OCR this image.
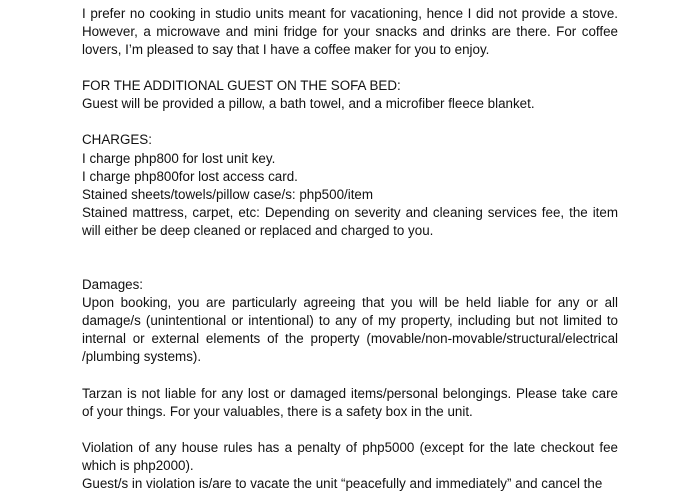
I prefer no cooking in studio units meant for vacationing, hence I did not provide a stove. However, a microwave and mini fridge for your snacks and drinks are there. For coffee lovers, I’m pleased to say that I have a coffee maker for you to enjoy.

FOR THE ADDITIONAL GUEST ON THE SOFA BED:

Guest will be provided a pillow, a bath towel, and a microfiber fleece blanket.

CHARGES:

I charge php800 for lost unit key.

I charge php800for lost access card.

Stained sheets/towels/pillow case/s: php500/item

Stained mattress, carpet, etc: Depending on severity and cleaning services fee, the item will either be deep cleaned or replaced and charged to you.

Damages:

Upon booking, you are particularly agreeing that you will be held liable for any or all damage/s (unintentional or intentional) to any of my property, including but not limited to internal or external elements of the property (movable/non-movable/structural/electrical /plumbing systems).

Tarzan is not liable for any lost or damaged items/personal belongings. Please take care of your things. For your valuables, there is a safety box in the unit.

Violation of any house rules has a penalty of php5000 (except for the late checkout fee which is php2000).

Guest/s in violation is/are to vacate the unit “peacefully and immediately” and cancel the
